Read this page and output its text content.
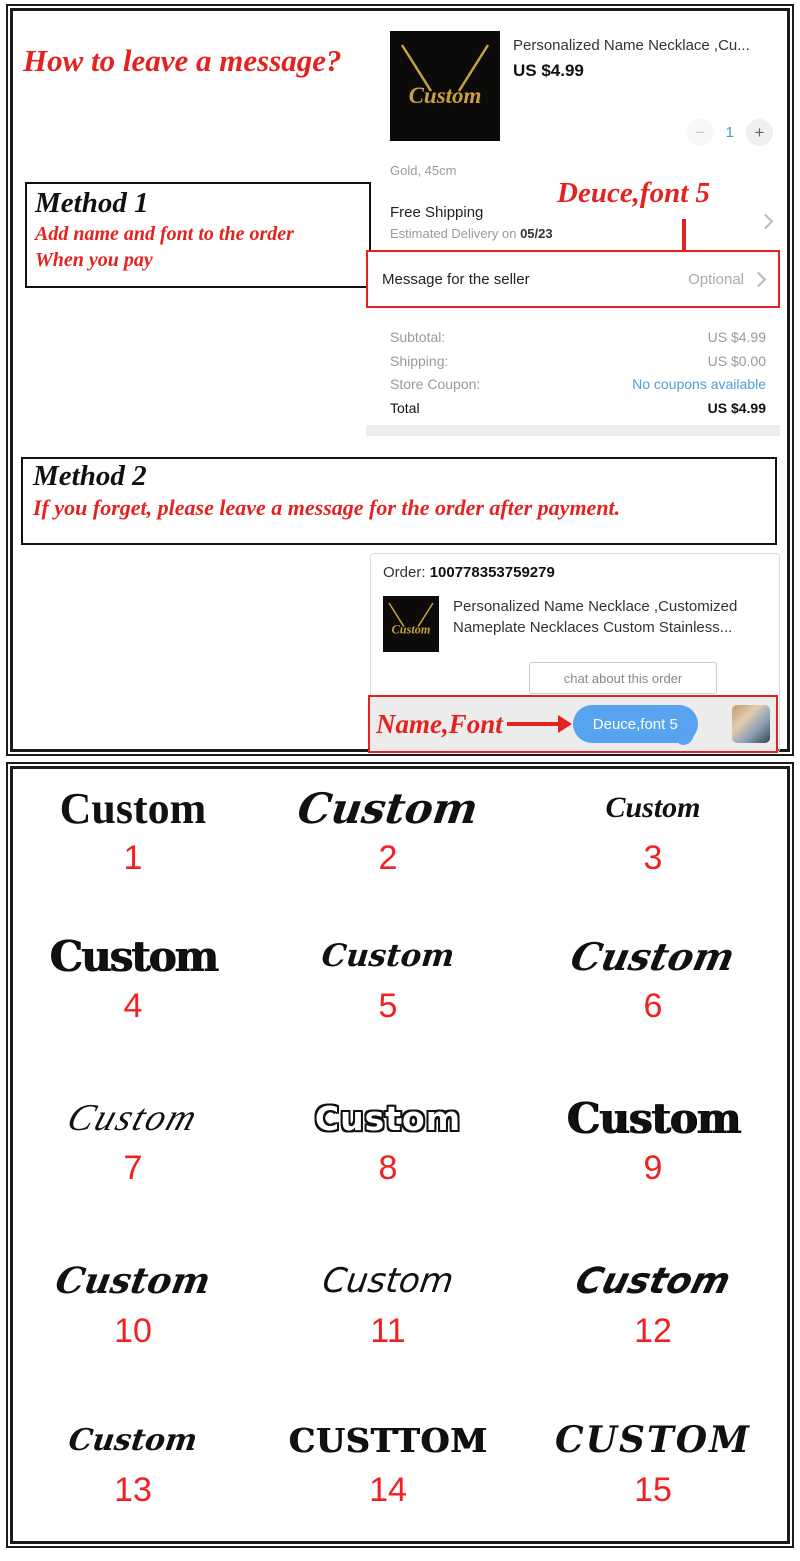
How to leave a message?
Custom
Personalized Name Necklace ,Cu...
US $4.99
−	1	+
Gold, 45cm
Method 1
Add name and font to the order
When you pay
Deuce,font 5
Free Shipping
Estimated Delivery on 05/23
Message for the seller	Optional
Subtotal:	US $4.99
Shipping:	US $0.00
Store Coupon:	No coupons available
Total	US $4.99
Method 2
If you forget, please leave a message for the order after payment.
Order: 100778353759279
Custom
Personalized Name Necklace ,Customized
Nameplate Necklaces Custom Stainless...
chat about this order
Name,Font	Deuce,font 5
Custom
1
Custom
2
Custom
3
Custom
4
Custom
5
Custom
6
Custom
7
Custom
8
Custom
9
Custom
10
Custom
11
Custom
12
Custom
13
CUSTTOM
14
CUSTOM
15
